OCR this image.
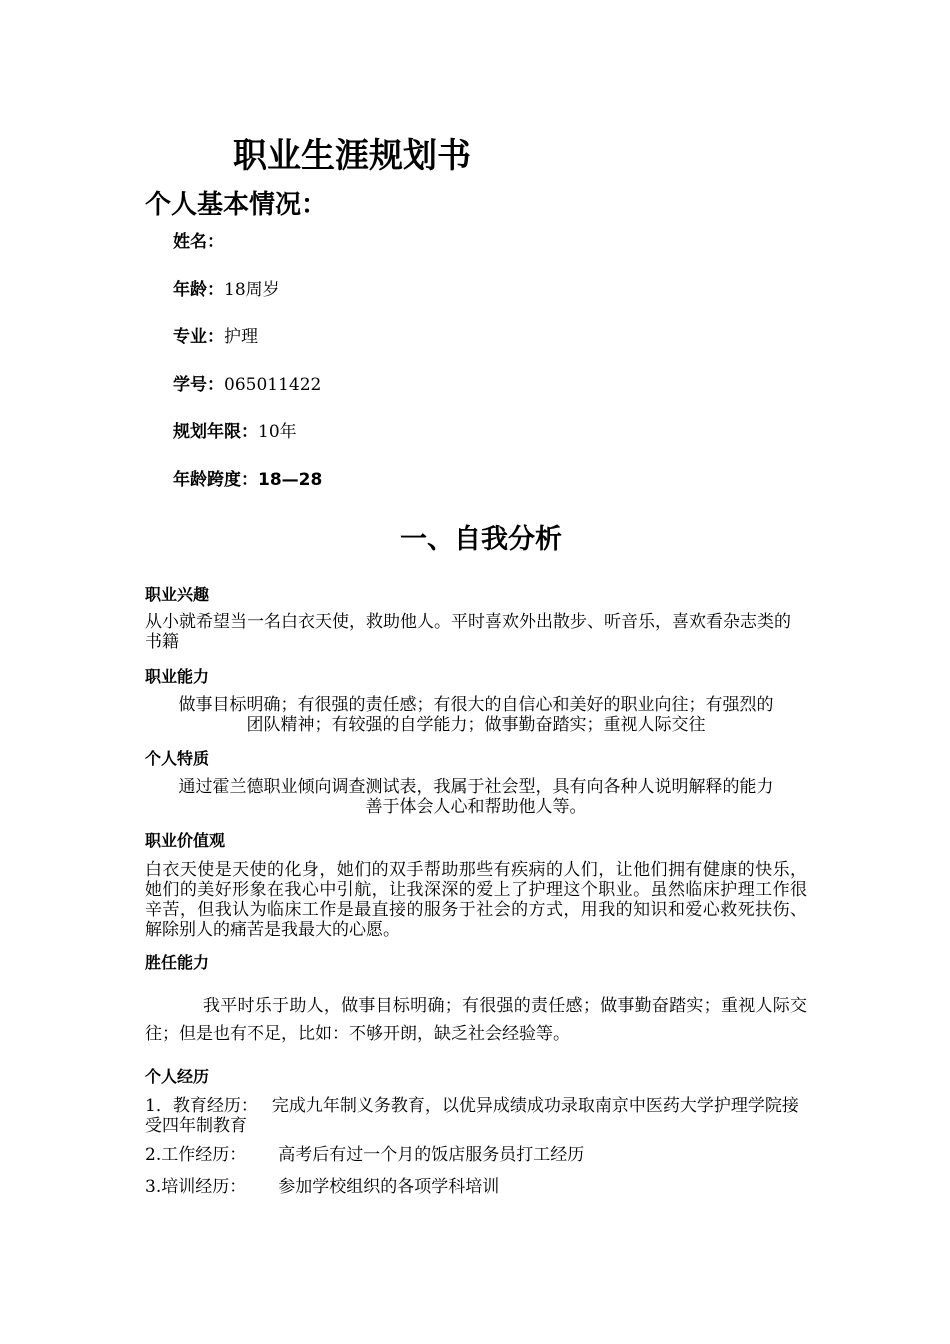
职业生涯规划书
个人基本情况：
姓名：
年龄：18周岁
专业：护理
学号：065011422
规划年限：10年
年龄跨度：18—28
一、自我分析
职业兴趣
从小就希望当一名白衣天使，救助他人。平时喜欢外出散步、听音乐，喜欢看杂志类的书籍
职业能力
做事目标明确；有很强的责任感；有很大的自信心和美好的职业向往；有强烈的
团队精神；有较强的自学能力；做事勤奋踏实；重视人际交往
个人特质
通过霍兰德职业倾向调查测试表，我属于社会型，具有向各种人说明解释的能力
善于体会人心和帮助他人等。
职业价值观
白衣天使是天使的化身，她们的双手帮助那些有疾病的人们，让他们拥有健康的快乐，她们的美好形象在我心中引航，让我深深的爱上了护理这个职业。虽然临床护理工作很辛苦，但我认为临床工作是最直接的服务于社会的方式，用我的知识和爱心救死扶伤、解除别人的痛苦是我最大的心愿。
胜任能力
我平时乐于助人，做事目标明确；有很强的责任感；做事勤奋踏实；重视人际交往；但是也有不足，比如：不够开朗，缺乏社会经验等。
个人经历
1．教育经历： 完成九年制义务教育，以优异成绩成功录取南京中医药大学护理学院接受四年制教育
2.工作经历： 高考后有过一个月的饭店服务员打工经历
3.培训经历： 参加学校组织的各项学科培训
